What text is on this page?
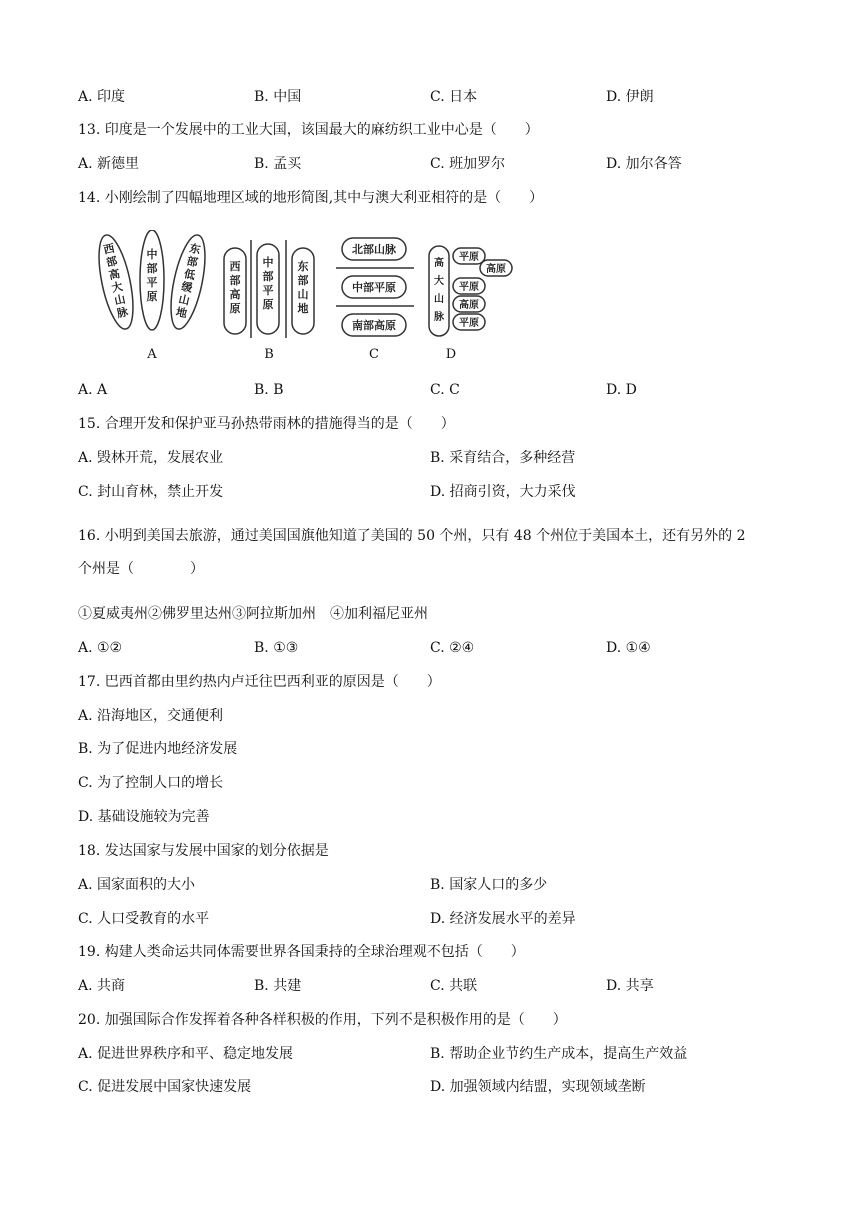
A. 印度	B. 中国	C. 日本	D. 伊朗
13. 印度是一个发展中的工业大国，该国最大的麻纺织工业中心是（　　）
A. 新德里	B. 孟买	C. 班加罗尔	D. 加尔各答
14. 小刚绘制了四幅地理区域的地形简图,其中与澳大利亚相符的是（　　）
西
部
高
大
山
脉
中
部
平
原
东
部
低
缓
山
地
西
部
高
原
中
部
平
原
东
部
山
地
北部山脉
中部平原
南部高原
高
大
山
脉
平原
高原
平原
高原
平原
A	B	C	D
A. A	B. B	C. C	D. D
15. 合理开发和保护亚马孙热带雨林的措施得当的是（　　）
A. 毁林开荒，发展农业	B. 采育结合，多种经营
C. 封山育林，禁止开发	D. 招商引资，大力采伐
16. 小明到美国去旅游，通过美国国旗他知道了美国的 50 个州，只有 48 个州位于美国本土，还有另外的 2
个州是（　　　　）
①夏威夷州②佛罗里达州③阿拉斯加州　④加利福尼亚州
A. ①②	B. ①③	C. ②④	D. ①④
17. 巴西首都由里约热内卢迁往巴西利亚的原因是（　　）
A. 沿海地区，交通便利
B. 为了促进内地经济发展
C. 为了控制人口的增长
D. 基础设施较为完善
18. 发达国家与发展中国家的划分依据是
A. 国家面积的大小	B. 国家人口的多少
C. 人口受教育的水平	D. 经济发展水平的差异
19. 构建人类命运共同体需要世界各国秉持的全球治理观不包括（　　）
A. 共商	B. 共建	C. 共联	D. 共享
20. 加强国际合作发挥着各种各样积极的作用，下列不是积极作用的是（　　）
A. 促进世界秩序和平、稳定地发展	B. 帮助企业节约生产成本，提高生产效益
C. 促进发展中国家快速发展	D. 加强领域内结盟，实现领域垄断
